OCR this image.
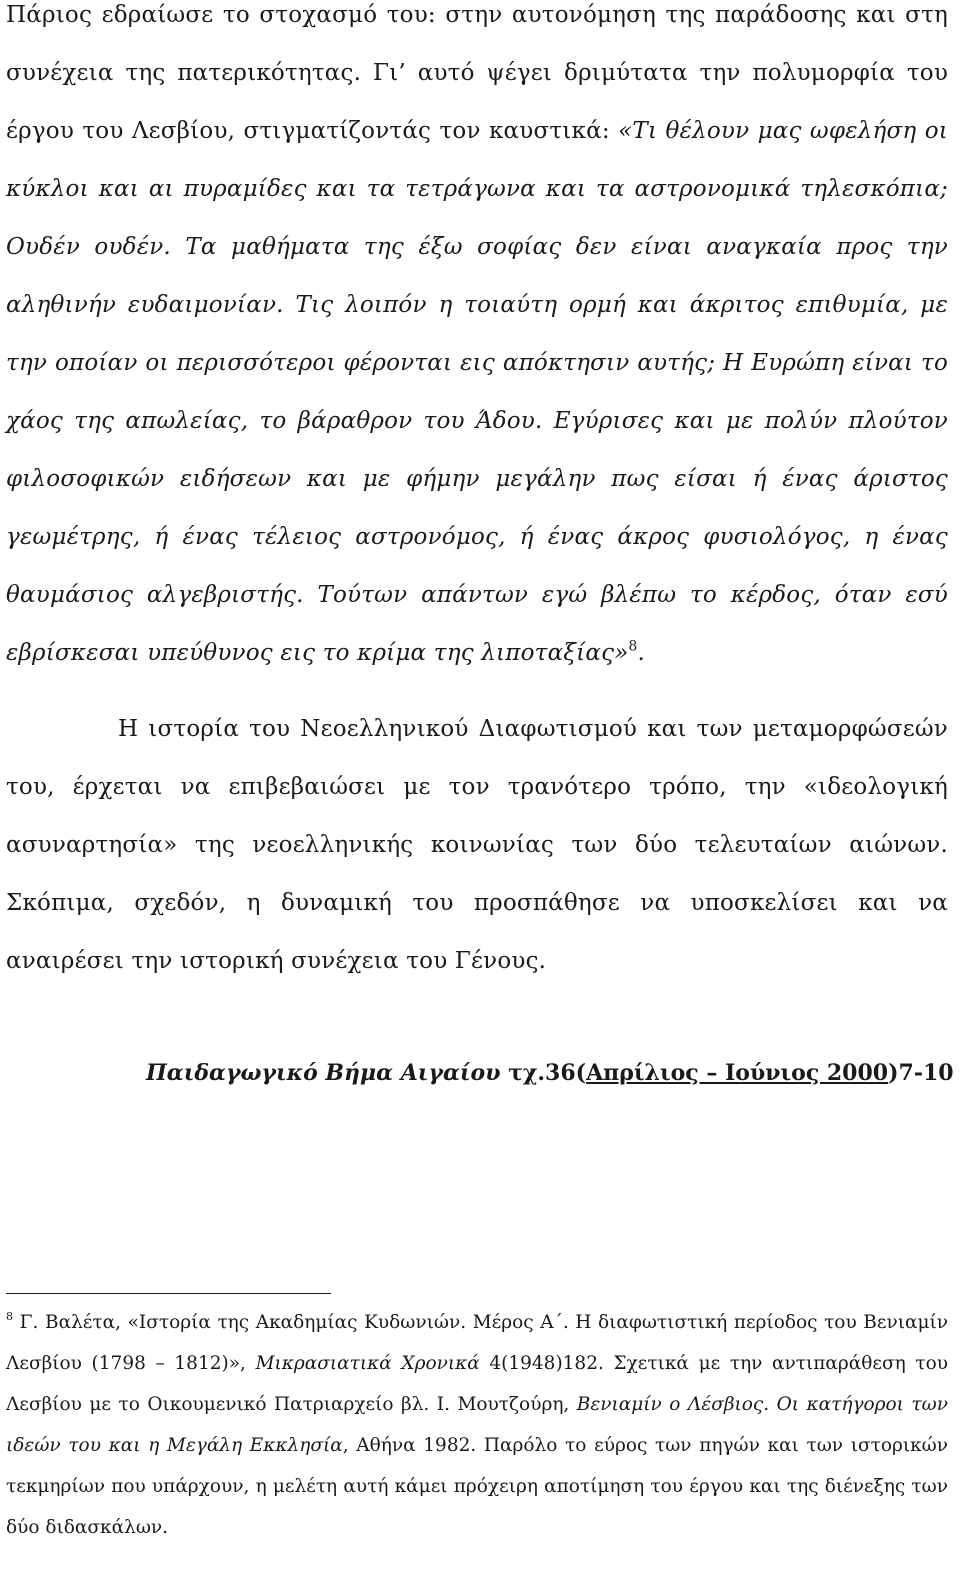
Πάριος εδραίωσε το στοχασμό του: στην αυτονόμηση της παράδοσης και στη συνέχεια της πατερικότητας. Γι’ αυτό ψέγει δριμύτατα την πολυμορφία του έργου του Λεσβίου, στιγματίζοντάς τον καυστικά: «Τι θέλουν μας ωφελήση οι κύκλοι και αι πυραμίδες και τα τετράγωνα και τα αστρονομικά τηλεσκόπια; Ουδέν ουδέν. Τα μαθήματα της έξω σοφίας δεν είναι αναγκαία προς την αληθινήν ευδαιμονίαν. Τις λοιπόν η τοιαύτη ορμή και άκριτος επιθυμία, με την οποίαν οι περισσότεροι φέρονται εις απόκτησιν αυτής; Η Ευρώπη είναι το χάος της απωλείας, το βάραθρον του Άδου. Εγύρισες και με πολύν πλούτον φιλοσοφικών ειδήσεων και με φήμην μεγάλην πως είσαι ή ένας άριστος γεωμέτρης, ή ένας τέλειος αστρονόμος, ή ένας άκρος φυσιολόγος, η ένας θαυμάσιος αλγεβριστής. Τούτων απάντων εγώ βλέπω το κέρδος, όταν εσύ εβρίσκεσαι υπεύθυνος εις το κρίμα της λιποταξίας»$^8$.

Η ιστορία του Νεοελληνικού Διαφωτισμού και των μεταμορφώσεών του, έρχεται να επιβεβαιώσει με τον τρανότερο τρόπο, την «ιδεολογική ασυναρτησία» της νεοελληνικής κοινωνίας των δύο τελευταίων αιώνων. Σκόπιμα, σχεδόν, η δυναμική του προσπάθησε να υποσκελίσει και να αναιρέσει την ιστορική συνέχεια του Γένους.

Παιδαγωγικό Βήμα Αιγαίου τχ.36(Απρίλιος – Ιούνιος 2000)7-10

$^8$ Γ. Βαλέτα, «Ιστορία της Ακαδημίας Κυδωνιών. Μέρος Α΄. Η διαφωτιστική περίοδος του Βενιαμίν Λεσβίου (1798 – 1812)», Μικρασιατικά Χρονικά 4(1948)182. Σχετικά με την αντιπαράθεση του Λεσβίου με το Οικουμενικό Πατριαρχείο βλ. Ι. Μουτζούρη, Βενιαμίν ο Λέσβιος. Οι κατήγοροι των ιδεών του και η Μεγάλη Εκκλησία, Αθήνα 1982. Παρόλο το εύρος των πηγών και των ιστορικών τεκμηρίων που υπάρχουν, η μελέτη αυτή κάμει πρόχειρη αποτίμηση του έργου και της διένεξης των δύο διδασκάλων.
